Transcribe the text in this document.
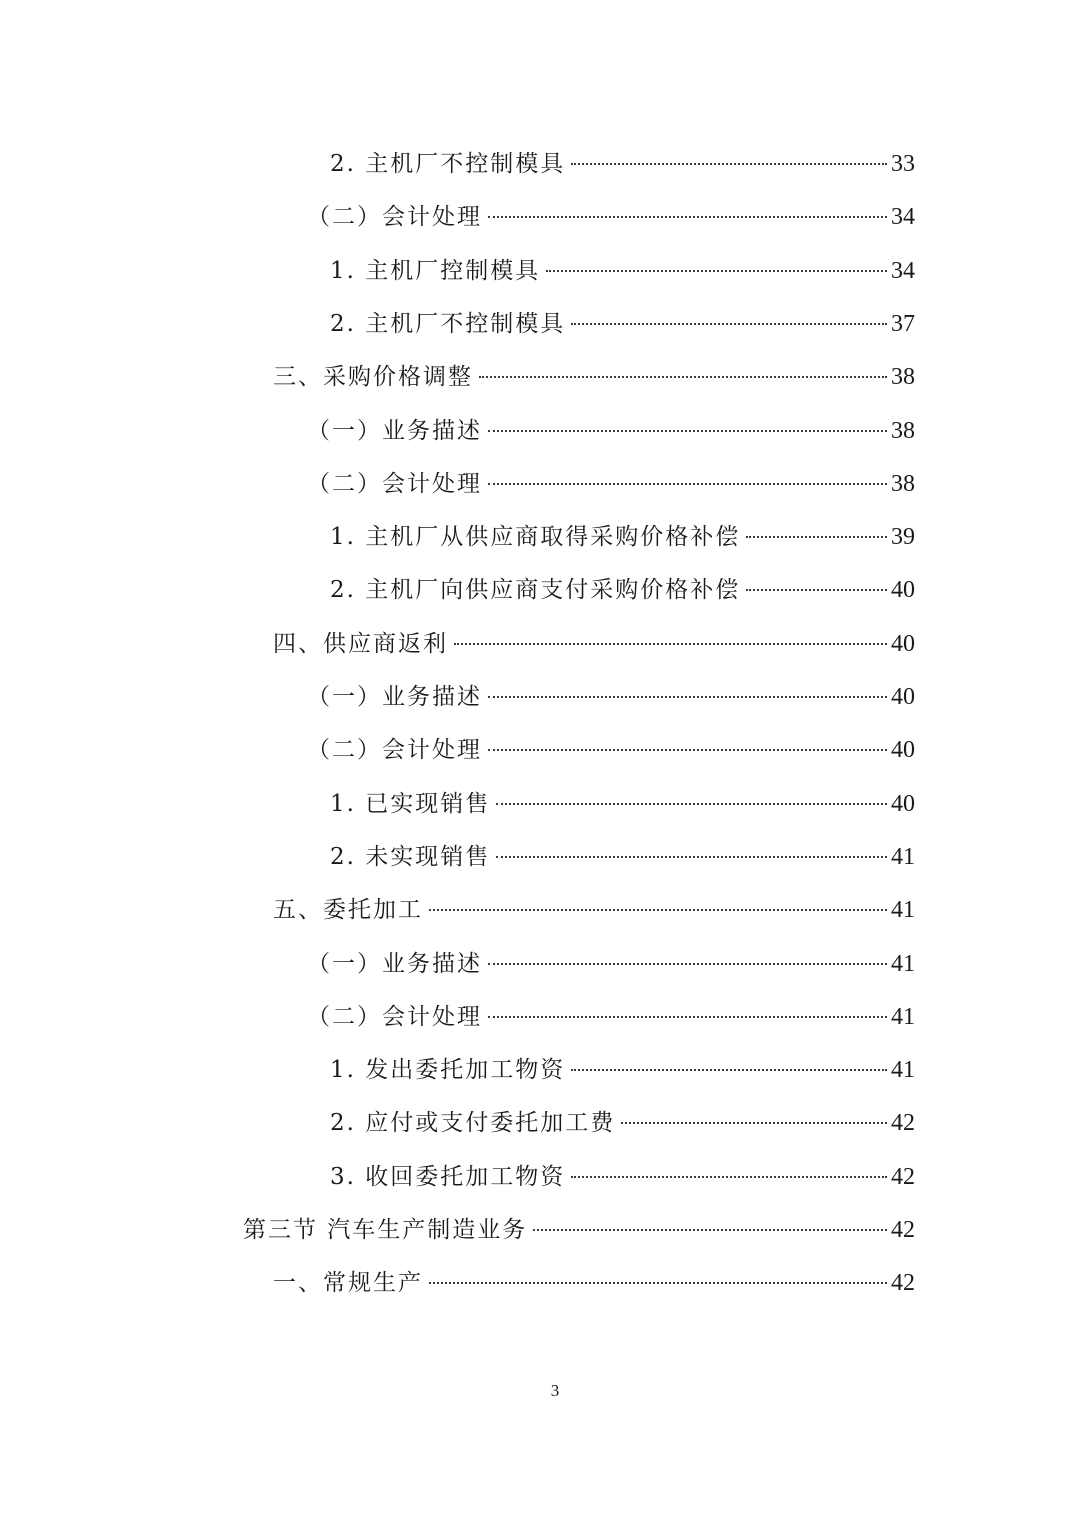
2. 主机厂不控制模具	33
（二）会计处理	34
1. 主机厂控制模具	34
2. 主机厂不控制模具	37
三、采购价格调整	38
（一）业务描述	38
（二）会计处理	38
1. 主机厂从供应商取得采购价格补偿	39
2. 主机厂向供应商支付采购价格补偿	40
四、供应商返利	40
（一）业务描述	40
（二）会计处理	40
1. 已实现销售	40
2. 未实现销售	41
五、委托加工	41
（一）业务描述	41
（二）会计处理	41
1. 发出委托加工物资	41
2. 应付或支付委托加工费	42
3. 收回委托加工物资	42
第三节 汽车生产制造业务	42
一、常规生产	42
3
